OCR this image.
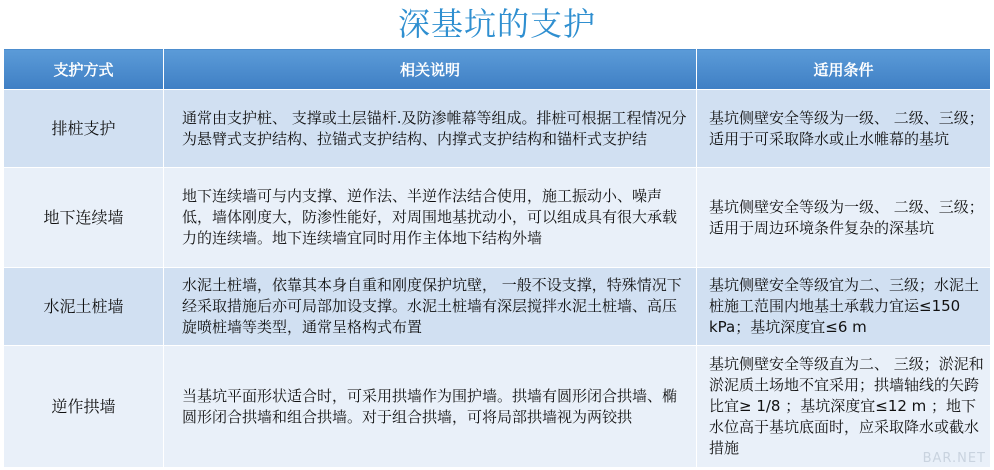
深基坑的支护
支护方式	相关说明	适用条件
排桩支护	通常由支护桩、 支撑或土层锚杆.及防渗帷幕等组成。排桩可根据工程情况分为悬臂式支护结构、拉锚式支护结构、内撑式支护结构和锚杆式支护结	基坑侧壁安全等级为一级、 二级、三级；适用于可采取降水或止水帷幕的基坑
地下连续墙	地下连续墙可与内支撑、逆作法、半逆作法结合使用，施工振动小、噪声低，墙体刚度大，防渗性能好，对周围地基扰动小，可以组成具有很大承载力的连续墙。地下连续墙宜同时用作主体地下结构外墙	基坑侧壁安全等级为一级、 二级、三级；适用于周边环境条件复杂的深基坑
水泥土桩墙	水泥土桩墙，依靠其本身自重和刚度保护坑壁， 一般不设支撑，特殊情况下经采取措施后亦可局部加设支撑。水泥土桩墙有深层搅拌水泥土桩墙、高压旋喷桩墙等类型，通常呈格构式布置	基坑侧壁安全等级宜为二、三级；水泥土桩施工范围内地基土承载力宜运≤150 kPa；基坑深度宜≤6 m
逆作拱墙	当基坑平面形状适合时，可采用拱墙作为围护墙。拱墙有圆形闭合拱墙、椭圆形闭合拱墙和组合拱墙。对于组合拱墙，可将局部拱墙视为两铰拱	基坑侧壁安全等级直为二、 三级；淤泥和淤泥质土场地不宜采用；拱墙轴线的矢跨比宜≥ 1/8 ；基坑深度宜≤12 m ；地下水位高于基坑底面时，应采取降水或截水措施
BAR.NET
